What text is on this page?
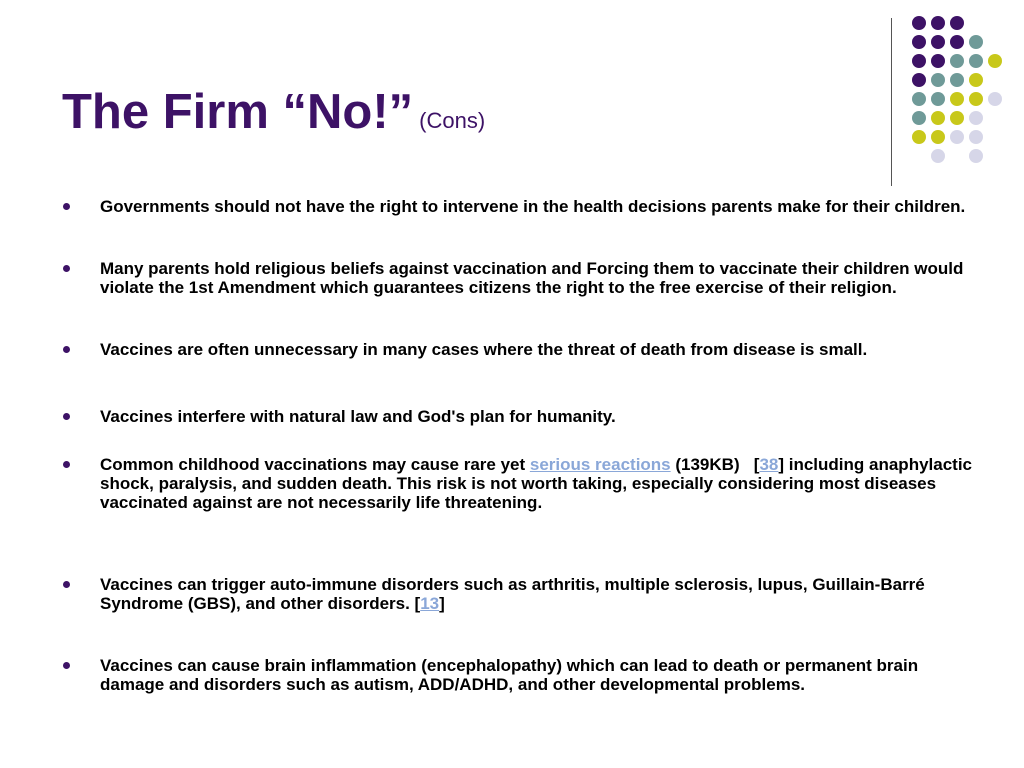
The Firm “No!” (Cons)
Governments should not have the right to intervene in the health decisions parents make for their children.
Many parents hold religious beliefs against vaccination and Forcing them to vaccinate their children would violate the 1st Amendment which guarantees citizens the right to the free exercise of their religion.
Vaccines are often unnecessary in many cases where the threat of death from disease is small.
Vaccines interfere with natural law and God's plan for humanity.
Common childhood vaccinations may cause rare yet serious reactions (139KB)   [38] including anaphylactic shock, paralysis, and sudden death. This risk is not worth taking, especially considering most diseases vaccinated against are not necessarily life threatening.
Vaccines can trigger auto-immune disorders such as arthritis, multiple sclerosis, lupus, Guillain-Barré Syndrome (GBS), and other disorders. [13]
Vaccines can cause brain inflammation (encephalopathy) which can lead to death or permanent brain damage and disorders such as autism, ADD/ADHD, and other developmental problems.
